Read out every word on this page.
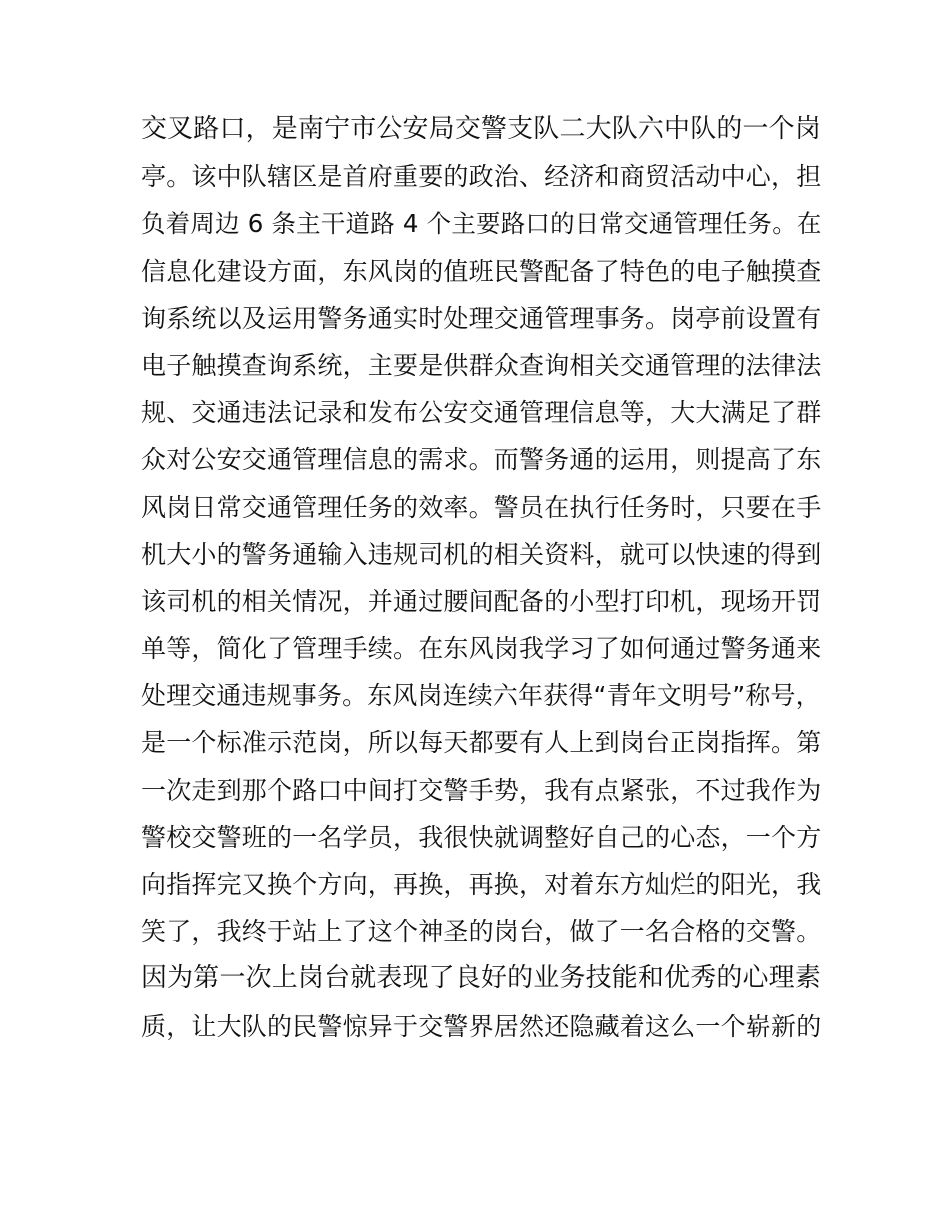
交叉路口，是南宁市公安局交警支队二大队六中队的一个岗
亭。该中队辖区是首府重要的政治、经济和商贸活动中心，担
负着周边 6 条主干道路 4 个主要路口的日常交通管理任务。在
信息化建设方面，东风岗的值班民警配备了特色的电子触摸查
询系统以及运用警务通实时处理交通管理事务。岗亭前设置有
电子触摸查询系统，主要是供群众查询相关交通管理的法律法
规、交通违法记录和发布公安交通管理信息等，大大满足了群
众对公安交通管理信息的需求。而警务通的运用，则提高了东
风岗日常交通管理任务的效率。警员在执行任务时，只要在手
机大小的警务通输入违规司机的相关资料，就可以快速的得到
该司机的相关情况，并通过腰间配备的小型打印机，现场开罚
单等，简化了管理手续。在东风岗我学习了如何通过警务通来
处理交通违规事务。东风岗连续六年获得“青年文明号”称号，
是一个标准示范岗，所以每天都要有人上到岗台正岗指挥。第
一次走到那个路口中间打交警手势，我有点紧张，不过我作为
警校交警班的一名学员，我很快就调整好自己的心态，一个方
向指挥完又换个方向，再换，再换，对着东方灿烂的阳光，我
笑了，我终于站上了这个神圣的岗台，做了一名合格的交警。
因为第一次上岗台就表现了良好的业务技能和优秀的心理素
质，让大队的民警惊异于交警界居然还隐藏着这么一个崭新的
